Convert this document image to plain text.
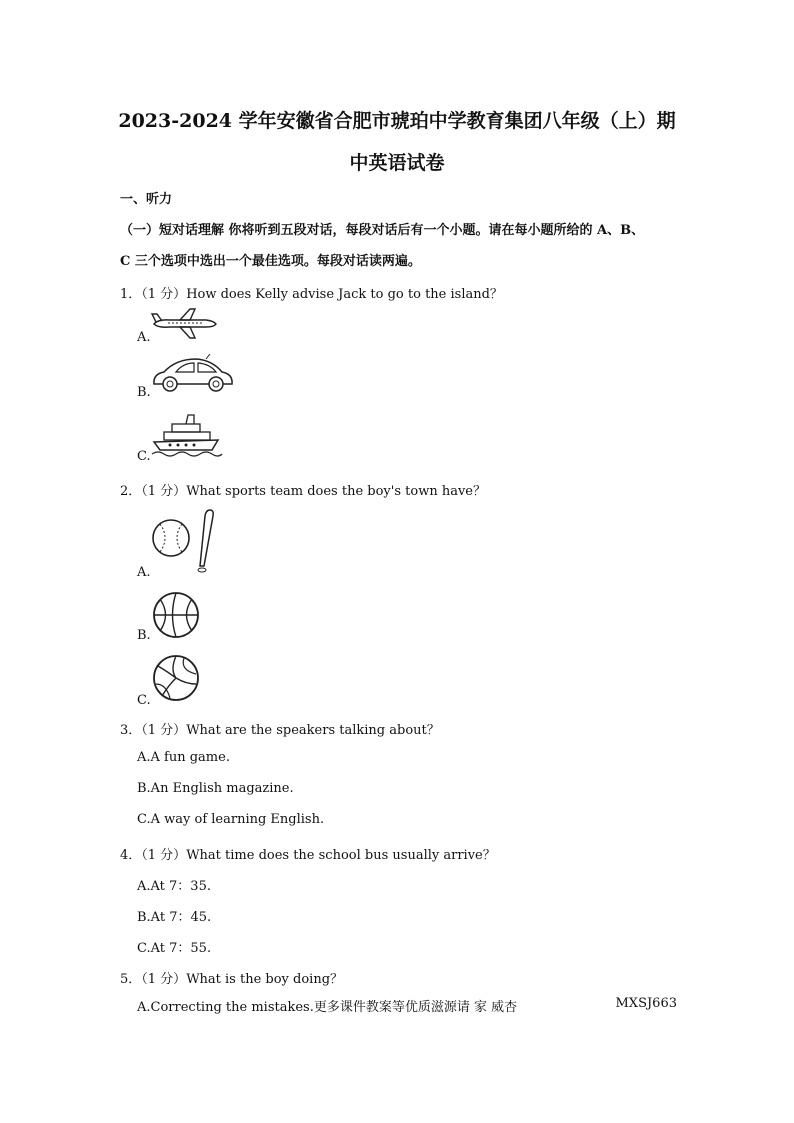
2023-2024 学年安徽省合肥市琥珀中学教育集团八年级（上）期
中英语试卷
一、听力
（一）短对话理解 你将听到五段对话，每段对话后有一个小题。请在每小题所给的 A、B、
C 三个选项中选出一个最佳选项。每段对话读两遍。
1．（1 分）How does Kelly advise Jack to go to the island？
A.
B.
C.
2．（1 分）What sports team does the boy's town have？
A.
B.
C.
3．（1 分）What are the speakers talking about？
A.A fun game.
B.An English magazine.
C.A way of learning English.
4．（1 分）What time does the school bus usually arrive？
A.At 7：35.
B.At 7：45.
C.At 7：55.
5．（1 分）What is the boy doing？
A.Correcting the mistakes.更多课件教案等优质滋源请 家 威杏	MXSJ663
